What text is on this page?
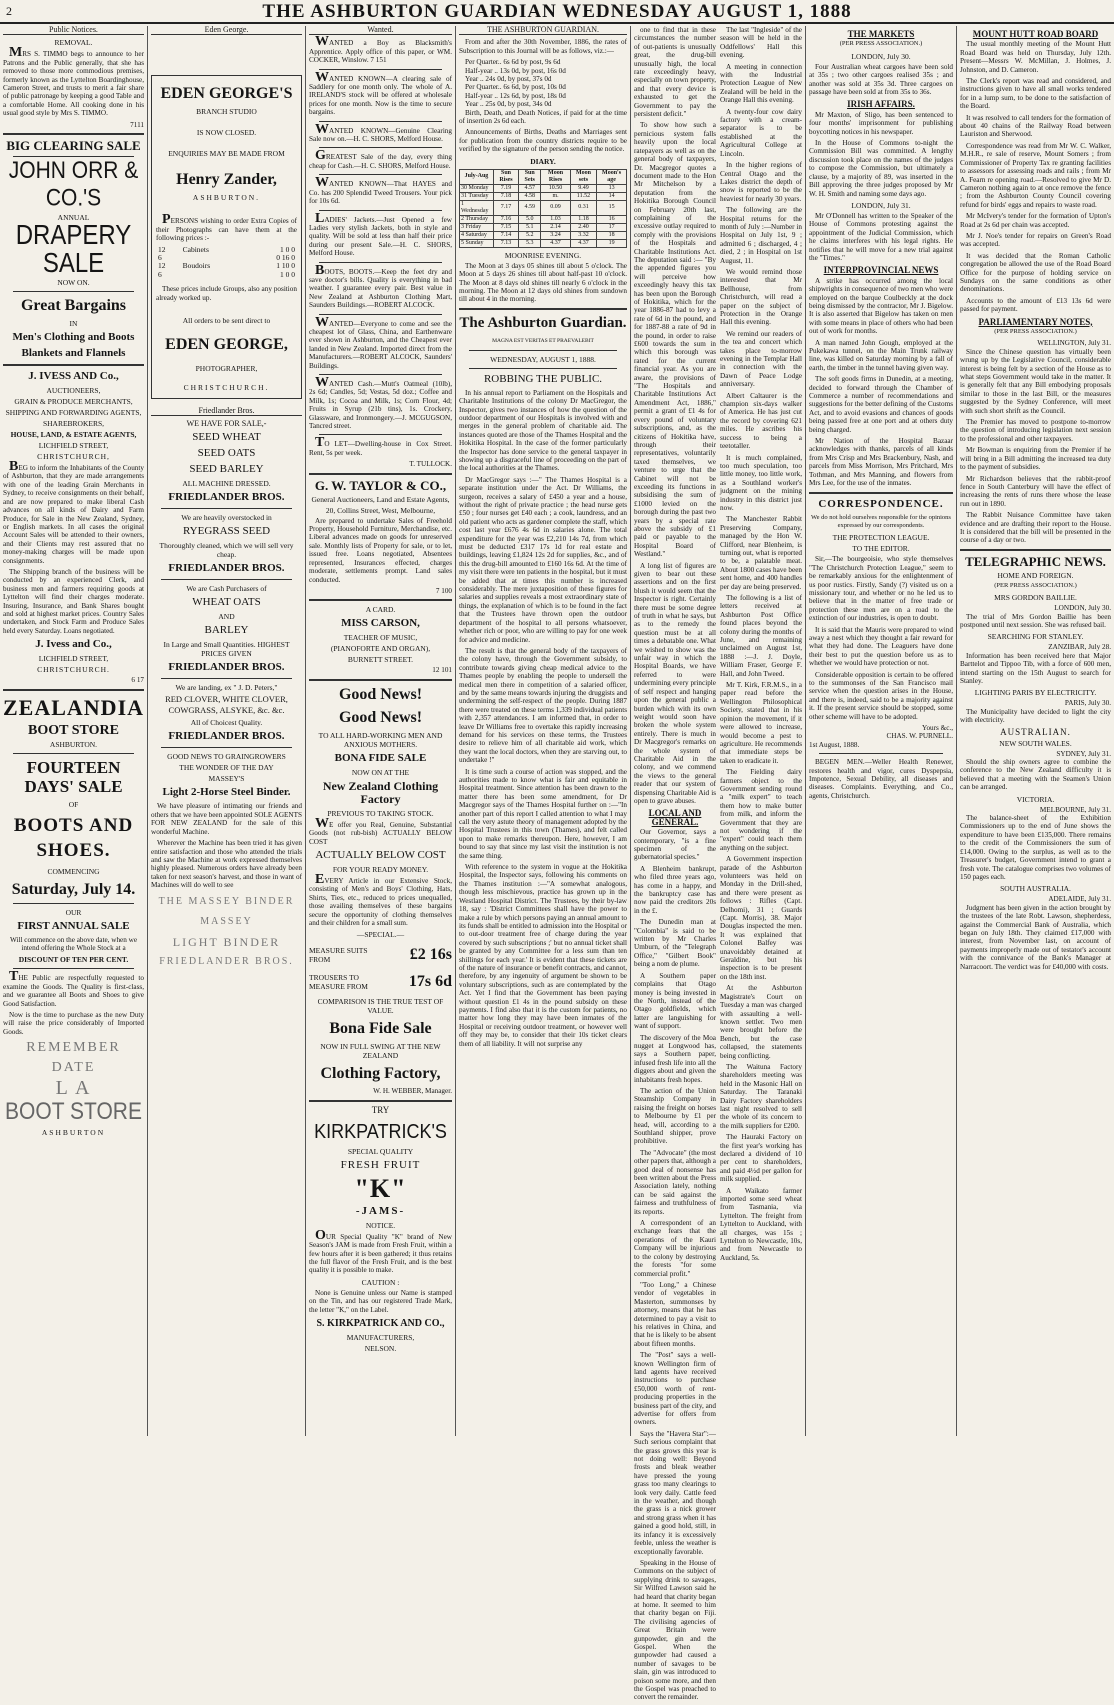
2	THE ASHBURTON GUARDIAN WEDNESDAY AUGUST 1, 1888
Public Notices.
REMOVAL.

MRS S. TIMMO begs to announce to her Patrons and the Public generally, that she has removed to those more commodious premises, formerly known as the Lyttelton Boardinghouse, Cameron Street, and trusts to merit a fair share of public patronage by keeping a good Table and a comfortable Home. All cooking done in his usual good style by Mrs S. TIMMO.

7111
BIG CLEARING SALE
JOHN ORR & CO.'S
ANNUAL
DRAPERY SALE
NOW ON.
Great Bargains
IN
Men's Clothing and Boots
Blankets and Flannels
J. IVESS AND Co.,
AUCTIONEERS,
GRAIN & PRODUCE MERCHANTS,
SHIPPING AND FORWARDING AGENTS,
SHAREBROKERS,
HOUSE, LAND, & ESTATE AGENTS,
LICHFIELD STREET,
CHRISTCHURCH,

BEG to inform the Inhabitants of the County of Ashburton, that they are made arrangements with one of the leading Grain Merchants in Sydney, to receive consignments on their behalf, and are now prepared to make liberal Cash advances on all kinds of Dairy and Farm Produce, for Sale in the New Zealand, Sydney, or English markets. In all cases the original Account Sales will be attended to their owners, and their Clients may rest assured that no money-making charges will be made upon consignments.

The Shipping branch of the business will be conducted by an experienced Clerk, and business men and farmers requiring goods at Lyttelton will find their charges moderate. Insuring, Insurance, and Bank Shares bought and sold at highest market prices. Country Sales undertaken, and Stock Farm and Produce Sales held every Saturday. Loans negotiated.

J. Ivess and Co.,
LICHFIELD STREET,
CHRISTCHURCH.
6 17
ZEALANDIA
BOOT STORE
ASHBURTON.
FOURTEEN DAYS' SALE
OF
BOOTS AND SHOES.
COMMENCING
Saturday, July 14.
OUR
FIRST ANNUAL SALE

Will commence on the above date, when we intend offering the Whole Stock at a

DISCOUNT OF TEN PER CENT.

THE Public are respectfully requested to examine the Goods. The Quality is first-class, and we guarantee all Boots and Shoes to give Good Satisfaction.

Now is the time to purchase as the new Duty will raise the price considerably of Imported Goods.

REMEMBER
DATE
L A
BOOT STORE
ASHBURTON
Eden George.
EDEN GEORGE'S
BRANCH STUDIO
IS NOW CLOSED.
ENQUIRIES MAY BE MADE FROM
Henry Zander,
ASHBURTON.

PERSONS wishing to order Extra Copies of their Photographs can have them at the following prices :-

12	Cabinets	1 0 0
6		0 16 0
12	Boudoirs	1 10 0
6		1 0 0

These prices include Groups, also any position already worked up.

All orders to be sent direct to
EDEN GEORGE,
PHOTOGRAPHER,
CHRISTCHURCH.
Friedlander Bros.
WE HAVE FOR SALE,-
SEED WHEAT
SEED OATS
SEED BARLEY
ALL MACHINE DRESSED.
FRIEDLANDER BROS.
We are heavily overstocked in
RYEGRASS SEED
Thoroughly cleaned, which we will sell very cheap.
FRIEDLANDER BROS.
We are Cash Purchasers of
WHEAT OATS
AND
BARLEY
In Large and Small Quantities. HIGHEST PRICES GIVEN
FRIEDLANDER BROS.
We are landing, ex " J. D. Peters,"
RED CLOVER, WHITE CLOVER, COWGRASS, ALSYKE, &c. &c.
All of Choicest Quality.
FRIEDLANDER BROS.
GOOD NEWS TO GRAINGROWERS
THE WONDER OF THE DAY
MASSEY'S
Light 2-Horse Steel Binder.

We have pleasure of intimating our friends and others that we have been appointed SOLE AGENTS FOR NEW ZEALAND for the sale of this wonderful Machine.

Wherever the Machine has been tried it has given entire satisfaction and those who attended the trials and saw the Machine at work expressed themselves highly pleased. Numerous orders have already been taken for next season's harvest, and those in want of Machines will do well to see

THE MASSEY BINDER
MASSEY
LIGHT BINDER
FRIEDLANDER BROS.
Wanted.

WANTED a Boy as Blacksmith's Apprentice. Apply office of this paper, or WM. COCKER, Winslow. 7 151

WANTED KNOWN—A clearing sale of Saddlery for one month only. The whole of A. IRELAND'S stock will be offered at wholesale prices for one month. Now is the time to secure bargains.

WANTED KNOWN—Genuine Clearing Sale now on.—H. C. SHORS, Melford House.

GREATEST Sale of the day, every thing cheap for Cash.—H. C. SHORS, Melford House.

WANTED KNOWN—That HAYES and Co. has 200 Splendid Tweed Trousers. Your pick for 10s 6d.

LADIES' Jackets.—Just Opened a few Ladies very stylish Jackets, both in style and quality. Will be sold at less than half their price during our present Sale.—H. C. SHORS, Melford House.

BOOTS, BOOTS.—Keep the feet dry and save doctor's bills. Quality is everything in bad weather. I guarantee every pair. Best value in New Zealand at Ashburton Clothing Mart, Saunders Buildings.—ROBERT ALCOCK.

WANTED—Everyone to come and see the cheapest lot of Glass, China, and Earthenware ever shown in Ashburton, and the Cheapest ever landed in New Zealand. Imported direct from the Manufacturers.—ROBERT ALCOCK, Saunders' Buildings.

WANTED Cash.—Mutt's Oatmeal (10lb), 2s 6d; Candles, 5d; Vestas, 5d doz.; Coffee and Milk, 1s; Cocoa and Milk, 1s; Corn Flour, 4d; Fruits in Syrup (21b tins), 1s. Crockery, Glassware, and Ironmongery.—J. MCGUGSON, Tancred street.

TO LET—Dwelling-house in Cox Street. Rent, 5s per week.

T. TULLOCK.
G. W. TAYLOR & CO.,
General Auctioneers, Land and Estate Agents,
20, Collins Street, West, Melbourne,

Are prepared to undertake Sales of Freehold Property, Household Furniture, Merchandise, etc. Liberal advances made on goods for unreserved sale. Monthly lists of Property for sale, or to let, issued free. Loans negotiated, Absentees represented, Insurances effected, charges moderate, settlements prompt. Land sales conducted.

7 100
A CARD.
MISS CARSON,
TEACHER OF MUSIC,
(PIANOFORTE AND ORGAN),
BURNETT STREET.
12 101
Good News!
Good News!
TO ALL HARD-WORKING MEN AND ANXIOUS MOTHERS.
BONA FIDE SALE
NOW ON AT THE
New Zealand Clothing Factory
PREVIOUS TO TAKING STOCK.

WE offer you Real, Genuine, Substantial Goods (not rub-bish) ACTUALLY BELOW COST

ACTUALLY BELOW COST
FOR YOUR READY MONEY.

EVERY Article in our Extensive Stock, consisting of Men's and Boys' Clothing, Hats, Shirts, Ties, etc., reduced to prices unequalled, those availing themselves of these bargains secure the opportunity of clothing themselves and their children for a small sum.

—SPECIAL.—
MEASURE SUITS FROM	£2 16s
TROUSERS TO MEASURE FROM	17s 6d
COMPARISON IS THE TRUE TEST OF VALUE.
Bona Fide Sale
NOW IN FULL SWING AT THE NEW ZEALAND
Clothing Factory,
W. H. WEBBER, Manager.
TRY
KIRKPATRICK'S
SPECIAL QUALITY
FRESH FRUIT
"K"
-JAMS-
NOTICE.

OUR Special Quality "K" brand of New Season's JAM is made from Fresh Fruit, within a few hours after it is been gathered; it thus retains the full flavor of the Fresh Fruit, and is the best quality it is possible to make.

CAUTION :

None is Genuine unless our Name is stamped on the Tin, and has our registered Trade Mark, the letter "K," on the Label.

S. KIRKPATRICK AND CO.,
MANUFACTURERS,
NELSON.
THE ASHBURTON GUARDIAN.

From and after the 30th November, 1886, the rates of Subscription to this Journal will be as follows, viz.:—

Per Quarter.. 6s 6d by post, 9s 6d
Half-year .. 13s 0d, by post, 16s 0d
Year .. 24s 0d, by post, 37s 0d
Per Quarter.. 6s 6d, by post, 10s 0d
Half-year .. 12s 6d, by post, 18s 0d
Year .. 25s 0d, by post, 34s 0d

Birth, Death, and Death Notices, if paid for at the time of insertion 2s 6d each.

Announcements of Births, Deaths and Marriages sent for publication from the country districts require to be verified by the signature of the person sending the notice.

DIARY.
July-Aug	Sun Rises	Sun Sets	Moon Rises	Moon sets	Moon's age
30 Monday	7.19	4.57	10.50	9.49	13
31 Tuesday	7.18	4.58	m.	11.52	14
1 Wednesday	7.17	4.59	0.09	0.31	15
2 Thursday	7.16	5.0	1.03	1.18	16
3 Friday	7.15	5.1	2.14	2.40	17
4 Saturday	7.14	5.2	3.24	3.32	18
5 Sunday	7.13	5.3	4.37	4.37	19
MOONRISE EVENING.

The Moon at 3 days 05 shines till about 5 o'clock. The Moon at 5 days 26 shines till about half-past 10 o'clock. The Moon at 8 days old shines till nearly 6 o'clock in the morning. The Moon at 12 days old shines from sundown till about 4 in the morning.

The Ashburton Guardian.
MAGNA EST VERITAS ET PRAEVALEBIT
WEDNESDAY, AUGUST 1, 1888.
ROBBING THE PUBLIC.

In his annual report to Parliament on the Hospitals and Charitable Institutions of the colony Dr MacGregor, the Inspector, gives two instances of how the question of the outdoor department of our Hospitals is involved with and merges in the general problem of charitable aid. The instances quoted are those of the Thames Hospital and the Hokitika Hospital. In the case of the former particularly the Inspector has done service to the general taxpayer in showing up a disgraceful line of proceeding on the part of the local authorities at the Thames.

Dr MacGregor says :—" The Thames Hospital is a separate institution under the Act. Dr Williams, the surgeon, receives a salary of £450 a year and a house, without the right of private practice ; the head nurse gets £50 ; four nurses get £40 each ; a cook, laundress, and an old patient who acts as gardener complete the staff, which cost last year £676 4s 6d in salaries alone. The total expenditure for the year was £2,210 14s 7d, from which must be deducted £317 17s 1d for real estate and buildings, leaving £1,824 12s 2d for supplies, &c., and of this the drug-bill amounted to £160 16s 6d. At the time of my visit there were ten patients in the hospital, but it must be added that at times this number is increased considerably. The mere juxtaposition of these figures for salaries and supplies reveals a most extraordinary state of things, the explanation of which is to be found in the fact that the Trustees have thrown open the outdoor department of the hospital to all persons whatsoever, whether rich or poor, who are willing to pay for one week for advice and medicine.

The result is that the general body of the taxpayers of the colony have, through the Government subsidy, to contribute towards giving cheap medical advice to the Thames people by enabling the people to undersell the medical men there in competition of a salaried officer, and by the same means towards injuring the druggists and undermining the self-respect of the people. During 1887 there were treated on these terms 1,339 individual patients with 2,357 attendances. I am informed that, in order to leave Dr Williams free to overtake this rapidly increasing demand for his services on these terms, the Trustees desire to relieve him of all charitable aid work, which they want the local doctors, when they are starving out, to undertake !"

It is time such a course of action was stopped, and the authorities made to know what is fair and equitable in Hospital treatment. Since attention has been drawn to the matter there has been some amendment, for Dr Macgregor says of the Thames Hospital further on :—"In another part of this report I called attention to what I may call the very astute theory of management adopted by the Hospital Trustees in this town (Thames), and felt called upon to make remarks thereupon. Here, however, I am bound to say that since my last visit the institution is not the same thing.

With reference to the system in vogue at the Hokitika Hospital, the Inspector says, following his comments on the Thames institution :—"A somewhat analogous, though less mischievous, practice has grown up in the Westland Hospital District. The Trustees, by their by-law 18, say : 'District Committees shall have the power to make a rule by which persons paying an annual amount to its funds shall be entitled to admission into the Hospital or to out-door treatment free of charge during the year covered by such subscriptions ;' but no annual ticket shall be granted by any Committee for a less sum than ten shillings for each year.' It is evident that these tickets are of the nature of insurance or benefit contracts, and cannot, therefore, by any ingenuity of argument be shown to be voluntary subscriptions, such as are contemplated by the Act. Yet I find that the Government has been paying without question £1 4s in the pound subsidy on these payments. I find also that it is the custom for patients, no matter how long they may have been inmates of the Hospital or receiving outdoor treatment, or however well off they may be, to consider that their 10s ticket clears them of all liability. It will not surprise any

one to find that in these circumstances the number of out-patients is unusually great, the drug-bill unusually high, the local rate exceedingly heavy, especially on town property, and that every device is exhausted to get the Government to pay the persistent deficit."

To show how such a pernicious system falls heavily upon the local ratepayers as well as on the general body of taxpayers, Dr. Macgregor quotes a document made to the Hon Mr Mitchelson by a deputation from the Hokitika Borough Council on February 20th last, complaining of the excessive outlay required to comply with the provisions of the Hospitals and Charitable Institutions Act. The deputation said :— "By the appended figures you will perceive how exceedingly heavy this tax has been upon the Borough of Hokitika, which for the year 1886-87 had to levy a rate of 6d in the pound, and for 1887-88 a rate of 9d in the pound, in order to raise £600 towards the sum in which this borough was rated for the current financial year. As you are aware, the provisions of "The Hospitals and Charitable Institutions Act Amendment Act, 1886," permit a grant of £1 4s for every pound of voluntary subscriptions, and, as the citizens of Hokitika have, through their representatives, voluntarily taxed themselves, we venture to urge that the Cabinet will not be exceeding its functions in subsidising the sum of £1000 levied on the borough during the past two years by a special rate above the subsidy of £1 paid or payable to the Hospital Board of Westland."

A long list of figures are given to bear out these assertions and on the first blush it would seem that the Inspector is right. Certainly there must be some degree of truth in what he says, but as to the remedy the question must be at all times a debatable one. What we wished to show was the unfair way in which the Hospital Boards, we have referred to were undermining every principle of self respect and hanging upon the general public a burden which with its own weight would soon have broken the whole system entirely. There is much in Dr Macgregor's remarks on the whole system of Charitable Aid in the colony, and we commend the views to the general reader that our system of dispensing Charitable Aid is open to grave abuses.

LOCAL AND GENERAL.

Our Governor, says a contemporary, "is a fine specimen of the gubernatorial species."

A Blenheim bankrupt, who filed three years ago, has come in a happy, and the bankruptcy case has now paid the creditors 20s in the £.

The Dunedin man at "Colombia" is said to be written by Mr Charles Umburn, of the "Telegraph Office," "Gilbert Book" being a nom de plume.

A Southern paper complains that Otago money is being invested in the North, instead of the Otago goldfields, which latter are languishing for want of support.

The discovery of the Moa nugget at Longwood has, says a Southern paper, infused fresh life into all the diggers about and given the inhabitants fresh hopes.

The action of the Union Steamship Company in raising the freight on horses to Melbourne by £1 per head, will, according to a Southland shipper, prove prohibitive.

The "Advocate" (the most other papers that, although a good deal of nonsense has been written about the Press Association lately, nothing can be said against the fairness and truthfulness of its reports.

A correspondent of an exchange fears that the operations of the Kauri Company will be injurious to the colony by destroying the forests "for some commercial profit."

"Too Long," a Chinese vendor of vegetables in Masterton, summonses by attorney, means that he has determined to pay a visit to his relatives in China, and that he is likely to be absent about fifteen months.

The "Post" says a well-known Wellington firm of land agents have received instructions to purchase £50,000 worth of rent-producing properties in the business part of the city, and advertise for offers from owners.

Says the "Havera Star":—Such serious complaint that the grass grows this year is not doing well: Beyond frosts and bleak weather have pressed the young grass too many clearings to look very daily. Cattle feed in the weather, and though the grass is a nick grower and strong grass when it has gained a good hold, still, in its infancy it is excessively feeble, unless the weather is exceptionally favorable.

Speaking in the House of Commons on the subject of supplying drink to savages, Sir Wilfred Lawson said he had heard that charity began at home. It seemed to him that charity began on Fiji. The civilising agencies of Great Britain were gunpowder, gin and the Gospel. When the gunpowder had caused a number of savages to be slain, gin was introduced to poison some more, and then the Gospel was preached to convert the remainder.

The last "Ingleside" of the season will be held in the Oddfellows' Hall this evening.

A meeting in connection with the Industrial Protection League of New Zealand will be held in the Orange Hall this evening.

A twenty-four cow dairy factory with a cream-separator is to be established at the Agricultural College at Lincoln.

In the higher regions of Central Otago and the Lakes district the depth of snow is reported to be the heaviest for nearly 30 years.

The following are the Hospital returns for the month of July :—Number in Hospital on July 1st, 9 ; admitted 6 ; discharged, 4 ; died, 2 ; in Hospital on 1st August, 11.

We would remind those interested that Mr Bellhouse, from Christchurch, will read a paper on the subject of Protection in the Orange Hall this evening.

We remind our readers of the tea and concert which takes place to-morrow evening in the Templar Hall in connection with the Dawn of Peace Lodge anniversary.

Albert Caltaurer is the champion six-days walker of America. He has just cut the record by covering 621 miles. He ascribes his success to being a teetotaller.

It is much complained, too much speculation, too little money, too little work, as a Southland worker's judgment on the mining industry in this district just now.

The Manchester Rabbit Preserving Company, managed by the Hon W. Clifford, near Blenheim, is turning out, what is reported to be, a palatable meat. About 1800 cases have been sent home, and 400 handles per day are being preserved.

The following is a list of letters received at Ashburton Post Office found places beyond the colony during the months of June, and remaining unclaimed on August 1st, 1888 :—J. J. Doyle, William Fraser, George F. Hall, and John Tweed.

Mr T. Kirk, F.R.M.S., in a paper read before the Wellington Philosophical Society, stated that in his opinion the movement, if it were allowed to increase, would become a pest to agriculture. He recommends that immediate steps be taken to eradicate it.

The Fielding dairy farmers object to the Government sending round a "milk expert" to teach them how to make butter from milk, and inform the Government that they are not wondering if the "expert" could teach them anything on the subject.

A Government inspection parade of the Ashburton volunteers was held on Monday in the Drill-shed, and there were present as follows : Rifles (Capt. Delhomi), 31 ; Guards (Capt. Morris), 38. Major Douglas inspected the men. It was explained that Colonel Balfey was unavoidably detained at Geraldine, but his inspection is to be present on the 18th inst.

At the Ashburton Magistrate's Court on Tuesday a man was charged with assaulting a well-known settler. Two men were brought before the Bench, but the case collapsed, the statements being conflicting.

The Waituna Factory shareholders meeting was held in the Masonic Hall on Saturday. The Taranaki Dairy Factory shareholders last night resolved to sell the whole of its concern to the milk suppliers for £200.

The Hauraki Factory on the first year's working has declared a dividend of 10 per cent to shareholders, and paid 4½d per gallon for milk supplied.

A Waikato farmer imported some seed wheat from Tasmania, via Lyttelton. The freight from Lyttelton to Auckland, with all charges, was 15s ; Lyttelton to Newcastle, 10s, and from Newcastle to Auckland, 5s.

THE MARKETS
(PER PRESS ASSOCIATION.)
LONDON, July 30.

Four Australian wheat cargoes have been sold at 35s ; two other cargoes realised 35s ; and another was sold at 35s 3d. Three cargoes on passage have been sold at from 35s to 36s.

IRISH AFFAIRS.

Mr Maxton, of Sligo, has been sentenced to four months' imprisonment for publishing boycotting notices in his newspaper.

In the House of Commons to-night the Commission Bill was committed. A lengthy discussion took place on the names of the judges to compose the Commission, but ultimately a clause, by a majority of 89, was inserted in the Bill approving the three judges proposed by Mr W. H. Smith and naming some days ago.

LONDON, July 31.

Mr O'Donnell has written to the Speaker of the House of Commons protesting against the appointment of the Judicial Commission, which he claims interferes with his legal rights. He notifies that he will move for a new trial against the "Times."

INTERPROVINCIAL NEWS

A strike has occurred among the local shipwrights in consequence of two men who were employed on the barque Coulbeckly at the dock being dismissed by the contractor, Mr J. Bigelow. It is also asserted that Bigelow has taken on men with some means in place of others who had been out of work for months.

A man named John Gough, employed at the Pukekawa tunnel, on the Main Trunk railway line, was killed on Saturday morning by a fall of earth, the timber in the tunnel having given way.

The soft goods firms in Dunedin, at a meeting, decided to forward through the Chamber of Commerce a number of recommendations and suggestions for the better defining of the Customs Act, and to avoid evasions and chances of goods being passed free at one port and at others duty being charged.

Mr Nation of the Hospital Bazaar acknowledges with thanks, parcels of all kinds from Mrs Crisp and Mrs Brackenbury, Nash, and parcels from Miss Morrison, Mrs Pritchard, Mrs Tothman, and Mrs Manning, and flowers from Mrs Lee, for the use of the inmates.

CORRESPONDENCE.
We do not hold ourselves responsible for the opinions expressed by our correspondents.
THE PROTECTION LEAGUE.
TO THE EDITOR.

Sir,—The bourgeoisie, who style themselves "The Christchurch Protection League," seem to be remarkably anxious for the enlightenment of us poor rustics. Firstly, Sandy (?) visited us on a missionary tour, and whether or no he led us to believe that in the matter of free trade or protection these men are on a road to the extinction of our industries, is open to doubt.

It is said that the Mauris were prepared to wind away a nest which they thought a fair reward for what they had done. The Leaguers have done their best to put the question before us as to whether we would have protection or not.

Considerable opposition is certain to be offered to the summonses of the San Francisco mail service when the question arises in the House, and there is, indeed, said to be a majority against it. If the present service should be stopped, some other scheme will have to be adopted.

Yours &c.,
CHAS. W. PURNELL.
1st August, 1888.

BEGEN MEN.—Weller Health Renewer, restores health and vigor, cures Dyspepsia, Impotence, Sexual Debility, all diseases and diseases. Complaints. Everything, and Co., agents, Christchurch.

MOUNT HUTT ROAD BOARD

The usual monthly meeting of the Mount Hutt Road Board was held on Thursday, July 12th. Present—Messrs W. McMillan, J. Holmes, J. Johnston, and D. Cameron.

The Clerk's report was read and considered, and instructions given to have all small works tendered for in a lump sum, to be done to the satisfaction of the Board.

It was resolved to call tenders for the formation of about 40 chains of the Railway Road between Lauriston and Sherwood.

Correspondence was read from Mr W. C. Walker, M.H.R., re sale of reserve, Mount Somers ; from Commissioner of Property Tax re granting facilities to assessors for assessing roads and rails ; from Mr A. Fearn re opening road.—Resolved to give Mr D. Cameron nothing again to at once remove the fence ; from the Ashburton County Council covering refund for birds' eggs and repairs to waste road.

Mr McIvery's tender for the formation of Upton's Road at 2s 6d per chain was accepted.

Mr J. Noe's tender for repairs on Green's Road was accepted.

It was decided that the Roman Catholic congregation be allowed the use of the Road Board Office for the purpose of holding service on Sundays on the same conditions as other denominations.

Accounts to the amount of £13 13s 6d were passed for payment.

PARLIAMENTARY NOTES,
(PER PRESS ASSOCIATION.)
WELLINGTON, July 31.

Since the Chinese question has virtually been wrung up by the Legislative Council, considerable interest is being felt by a section of the House as to what steps Government would take in the matter. It is generally felt that any Bill embodying proposals similar to those in the last Bill, or the measures suggested by the Sydney Conference, will meet with such short shrift as the Council.

The Premier has moved to postpone to-morrow the question of introducing legislation next session to the professional and other taxpayers.

Mr Bowman is enquiring from the Premier if he will bring in a Bill admitting the increased tea duty to the payment of subsidies.

Mr Richardson believes that the rabbit-proof fence in South Canterbury will have the effect of increasing the rents of runs there whose the lease run out in 1890.

The Rabbit Nuisance Committee have taken evidence and are drafting their report to the House. It is considered that the bill will be presented in the course of a day or two.

TELEGRAPHIC NEWS.
HOME AND FOREIGN.
(PER PRESS ASSOCIATION.)
MRS GORDON BAILLIE.
LONDON, July 30.

The trial of Mrs Gordon Baillie has been postponed until next session. She was refused bail.

SEARCHING FOR STANLEY.
ZANZIBAR, July 28.

Information has been received here that Major Barttelot and Tippoo Tib, with a force of 600 men, intend starting on the 15th August to search for Stanley.

LIGHTING PARIS BY ELECTRICITY.
PARIS, July 30.

The Municipality have decided to light the city with electricity.

AUSTRALIAN.
NEW SOUTH WALES.
SYDNEY, July 31.

Should the ship owners agree to combine the conference to the New Zealand difficulty it is believed that a meeting with the Seamen's Union can be arranged.

VICTORIA.
MELBOURNE, July 31.

The balance-sheet of the Exhibition Commissioners up to the end of June shows the expenditure to have been £135,000. There remains to the credit of the Commissioners the sum of £14,000. Owing to the surplus, as well as to the Treasurer's budget, Government intend to grant a fresh vote. The catalogue comprises two volumes of 150 pages each.

SOUTH AUSTRALIA.
ADELAIDE, July 31.

Judgment has been given in the action brought by the trustees of the late Robt. Lawson, shepherdess, against the Commercial Bank of Australia, which began on July 18th. They claimed £17,000 with interest, from November last, on account of payments improperly made out of testator's account with the connivance of the Bank's Manager at Narracoort. The verdict was for £40,000 with costs.
